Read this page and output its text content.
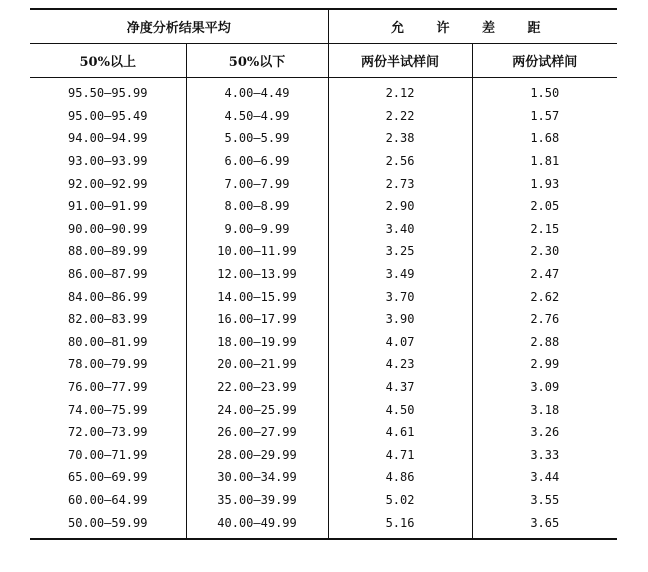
净度分析结果平均		允 许 差 距	
50%以上	50%以下	两份半试样间	两份试样间
95.50—95.99	4.00—4.49	2.12	1.50
95.00—95.49	4.50—4.99	2.22	1.57
94.00—94.99	5.00—5.99	2.38	1.68
93.00—93.99	6.00—6.99	2.56	1.81
92.00—92.99	7.00—7.99	2.73	1.93
91.00—91.99	8.00—8.99	2.90	2.05
90.00—90.99	9.00—9.99	3.40	2.15
88.00—89.99	10.00—11.99	3.25	2.30
86.00—87.99	12.00—13.99	3.49	2.47
84.00—86.99	14.00—15.99	3.70	2.62
82.00—83.99	16.00—17.99	3.90	2.76
80.00—81.99	18.00—19.99	4.07	2.88
78.00—79.99	20.00—21.99	4.23	2.99
76.00—77.99	22.00—23.99	4.37	3.09
74.00—75.99	24.00—25.99	4.50	3.18
72.00—73.99	26.00—27.99	4.61	3.26
70.00—71.99	28.00—29.99	4.71	3.33
65.00—69.99	30.00—34.99	4.86	3.44
60.00—64.99	35.00—39.99	5.02	3.55
50.00—59.99	40.00—49.99	5.16	3.65
